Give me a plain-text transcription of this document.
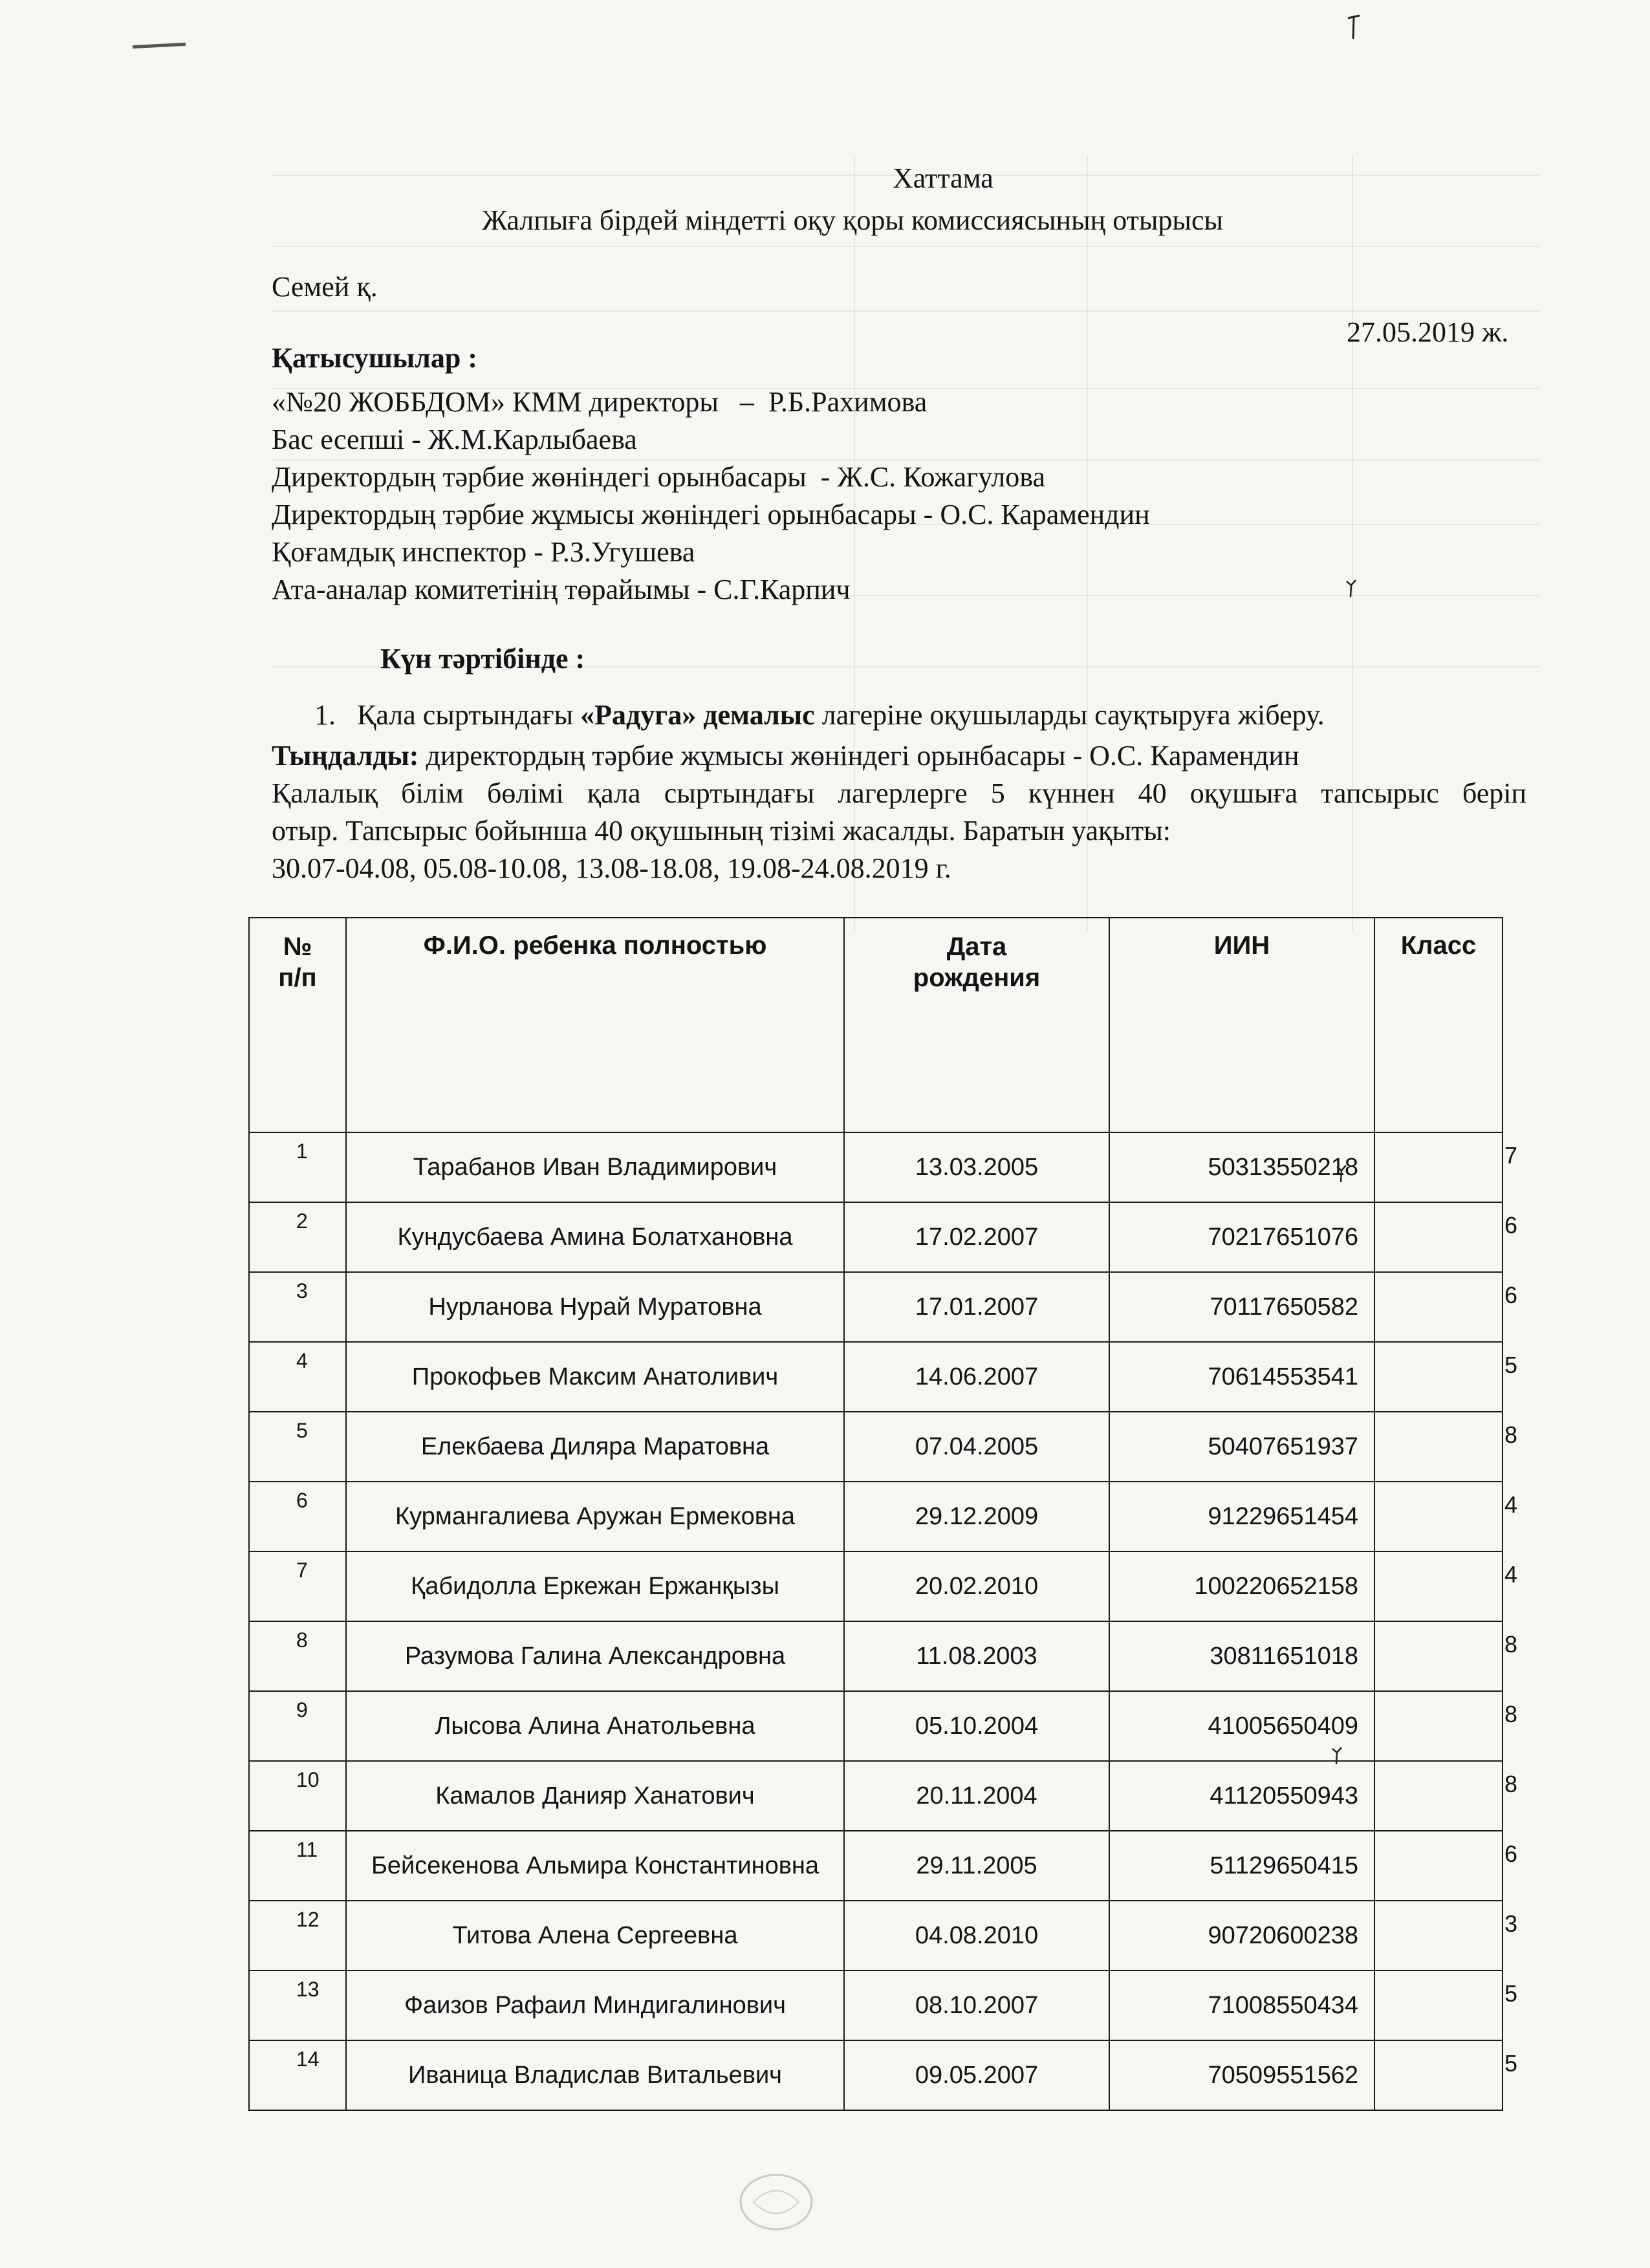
Хаттама
Жалпыға бірдей міндетті оқу қоры комиссиясының отырысы
Семей қ.
27.05.2019 ж.
Қатысушылар :
«№20 ЖОББДОМ» КММ директоры   –  Р.Б.Рахимова
Бас есепші - Ж.М.Карлыбаева
Директордың тәрбие жөніндегі орынбасары  - Ж.С. Кожагулова
Директордың тәрбие жұмысы жөніндегі орынбасары - О.С. Карамендин
Қоғамдық инспектор - Р.З.Угушева
Ата-аналар комитетінің төрайымы - С.Г.Карпич
Күн тәртібінде :
1. Қала сыртындағы «Радуга» демалыс лагеріне оқушыларды сауқтыруға жіберу.
Тыңдалды: директордың тәрбие жұмысы жөніндегі орынбасары - О.С. Карамендин
Қалалық білім бөлімі қала сыртындағы лагерлерге 5 күннен 40 оқушыға тапсырыс беріп
отыр. Тапсырыс бойынша 40 оқушының тізімі жасалды. Баратын уақыты:
30.07-04.08, 05.08-10.08, 13.08-18.08, 19.08-24.08.2019 г.
№ п/п	Ф.И.О. ребенка полностью	Дата рождения	ИИН	Класс

1	Тарабанов Иван Владимирович	13.03.2005	50313550218	7

2	Кундусбаева Амина Болатхановна	17.02.2007	70217651076	6

3	Нурланова Нурай Муратовна	17.01.2007	70117650582	6

4	Прокофьев Максим Анатоливич	14.06.2007	70614553541	5

5	Елекбаева Диляра Маратовна	07.04.2005	50407651937	8

6	Курмангалиева Аружан Ермековна	29.12.2009	91229651454	4

7	Қабидолла Еркежан Ержанқызы	20.02.2010	100220652158	4

8	Разумова Галина Александровна	11.08.2003	30811651018	8

9	Лысова Алина Анатольевна	05.10.2004	41005650409	8

10	Камалов Данияр Ханатович	20.11.2004	41120550943	8

11	Бейсекенова Альмира Константиновна	29.11.2005	51129650415	6

12	Титова Алена Сергеевна	04.08.2010	90720600238	3

13	Фаизов Рафаил Миндигалинович	08.10.2007	71008550434	5

14	Иваница Владислав Витальевич	09.05.2007	70509551562	5
